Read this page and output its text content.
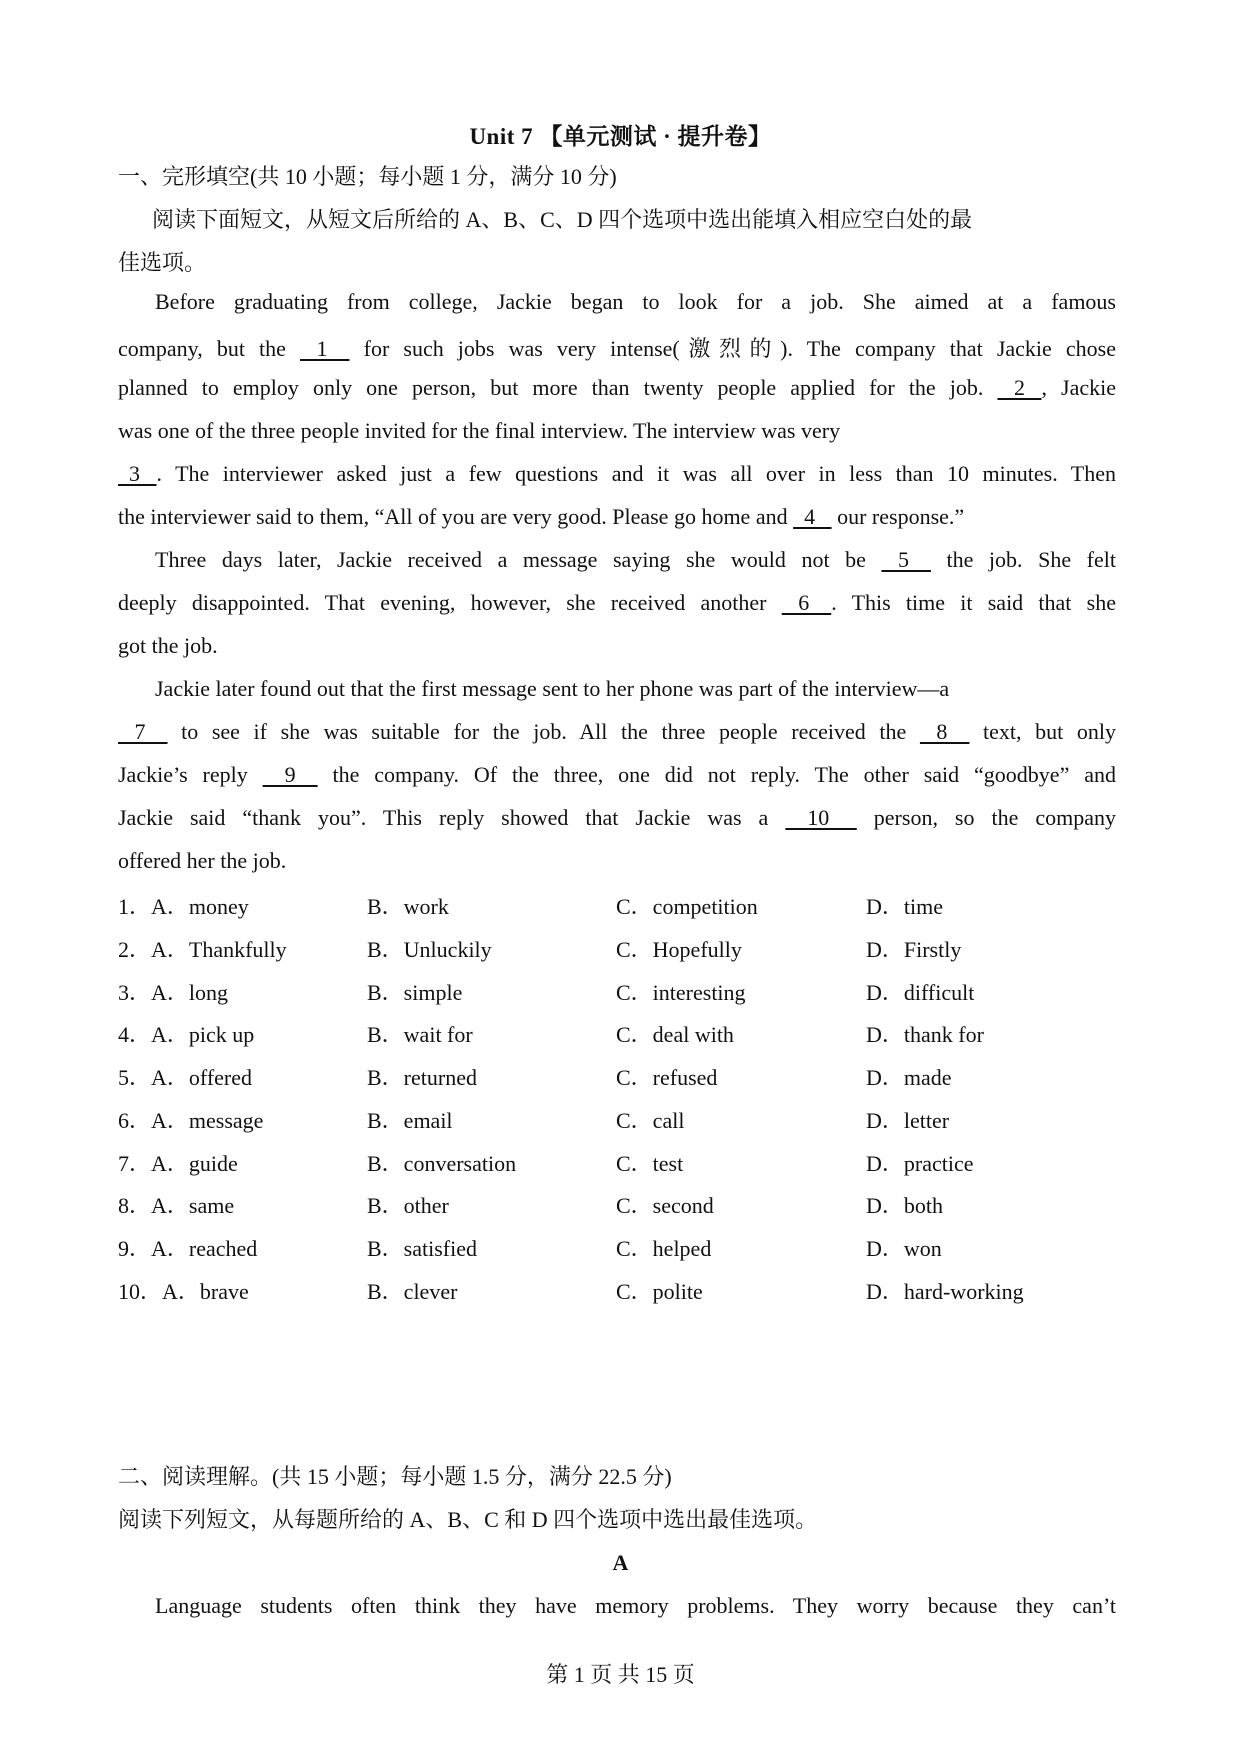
Unit 7 【单元测试 · 提升卷】
一、完形填空(共 10 小题；每小题 1 分，满分 10 分)
阅读下面短文，从短文后所给的 A、B、C、D 四个选项中选出能填入相应空白处的最
佳选项。
Before graduating from college, Jackie began to look for a job. She aimed at a famous
company, but the    1     for such jobs was very intense(激烈的). The company that Jackie chose
planned to employ only one person, but more than twenty people applied for the job.    2   , Jackie
was one of the three people invited for the final interview. The interview was very
3   . The interviewer asked just a few questions and it was all over in less than 10 minutes. Then
the interviewer said to them, “All of you are very good. Please go home and   4    our response.”
Three days later, Jackie received a message saying she would not be    5     the job. She felt
deeply disappointed. That evening, however, she received another    6    . This time it said that she
got the job.
Jackie later found out that the first message sent to her phone was part of the interview—a
7     to see if she was suitable for the job. All the three people received the    8     text, but only
Jackie’s reply     9     the company. Of the three, one did not reply. The other said “goodbye” and
Jackie said “thank you”. This reply showed that Jackie was a     10      person, so the company
offered her the job.
1．A．money	B．work	C．competition	D．time
2．A．Thankfully	B．Unluckily	C．Hopefully	D．Firstly
3．A．long	B．simple	C．interesting	D．difficult
4．A．pick up	B．wait for	C．deal with	D．thank for
5．A．offered	B．returned	C．refused	D．made
6．A．message	B．email	C．call	D．letter
7．A．guide	B．conversation	C．test	D．practice
8．A．same	B．other	C．second	D．both
9．A．reached	B．satisfied	C．helped	D．won
10．A．brave	B．clever	C．polite	D．hard-working
二、阅读理解。(共 15 小题；每小题 1.5 分，满分 22.5 分)
阅读下列短文，从每题所给的 A、B、C 和 D 四个选项中选出最佳选项。
A
Language students often think they have memory problems. They worry because they can’t
第 1 页 共 15 页
